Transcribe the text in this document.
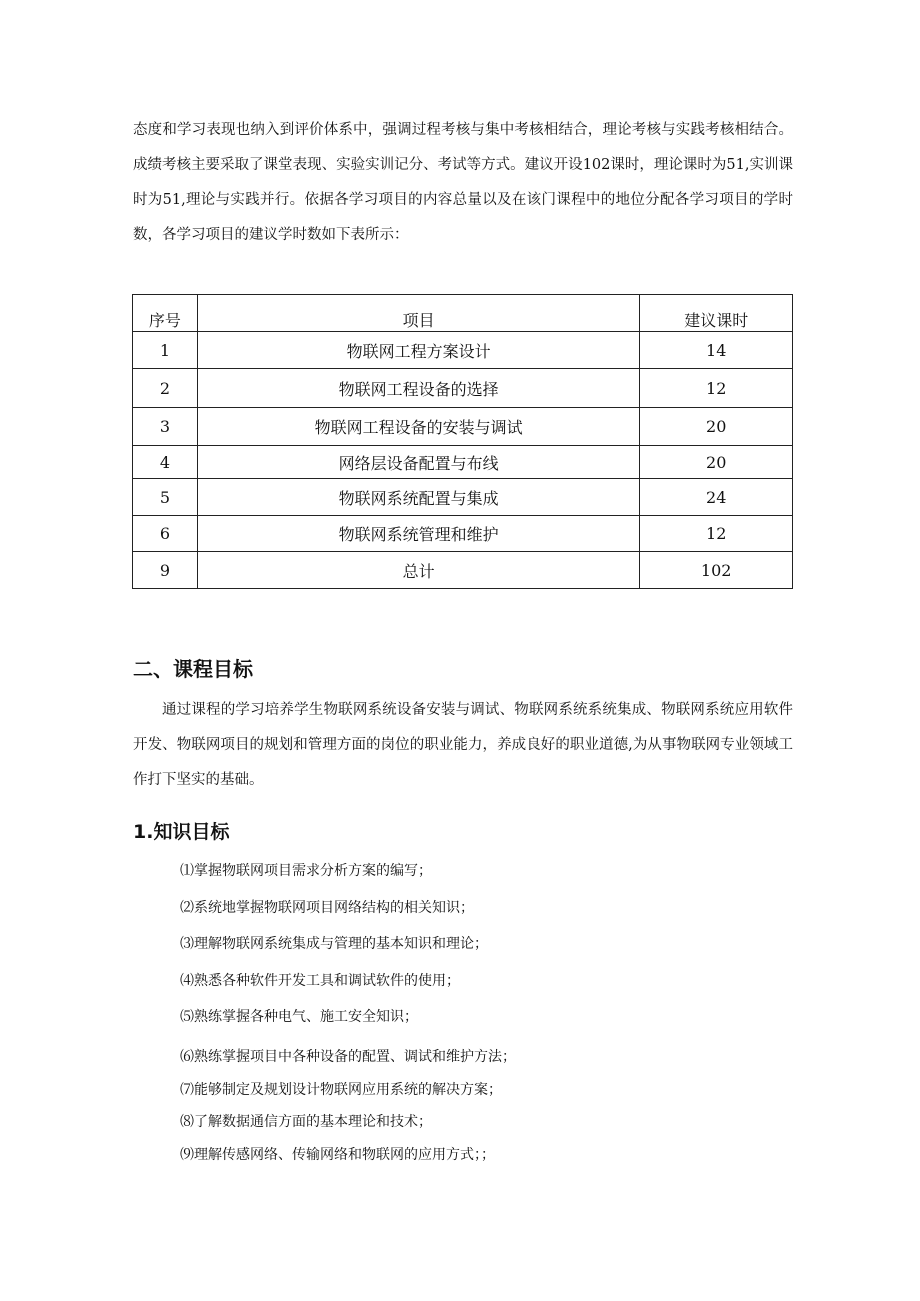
态度和学习表现也纳入到评价体系中，强调过程考核与集中考核相结合，理论考核与实践考核相结合。成绩考核主要采取了课堂表现、实验实训记分、考试等方式。建议开设102课时，理论课时为51,实训课时为51,理论与实践并行。依据各学习项目的内容总量以及在该门课程中的地位分配各学习项目的学时数，各学习项目的建议学时数如下表所示：

序号	项目	建议课时
1	物联网工程方案设计	14
2	物联网工程设备的选择	12
3	物联网工程设备的安装与调试	20
4	网络层设备配置与布线	20
5	物联网系统配置与集成	24
6	物联网系统管理和维护	12
9	总计	102
二、课程目标

通过课程的学习培养学生物联网系统设备安装与调试、物联网系统系统集成、物联网系统应用软件开发、物联网项目的规划和管理方面的岗位的职业能力，养成良好的职业道德,为从事物联网专业领域工作打下坚实的基础。

1.知识目标
⑴掌握物联网项目需求分析方案的编写；
⑵系统地掌握物联网项目网络结构的相关知识；
⑶理解物联网系统集成与管理的基本知识和理论；
⑷熟悉各种软件开发工具和调试软件的使用；
⑸熟练掌握各种电气、施工安全知识；
⑹熟练掌握项目中各种设备的配置、调试和维护方法；
⑺能够制定及规划设计物联网应用系统的解决方案；
⑻了解数据通信方面的基本理论和技术；
⑼理解传感网络、传输网络和物联网的应用方式；；
